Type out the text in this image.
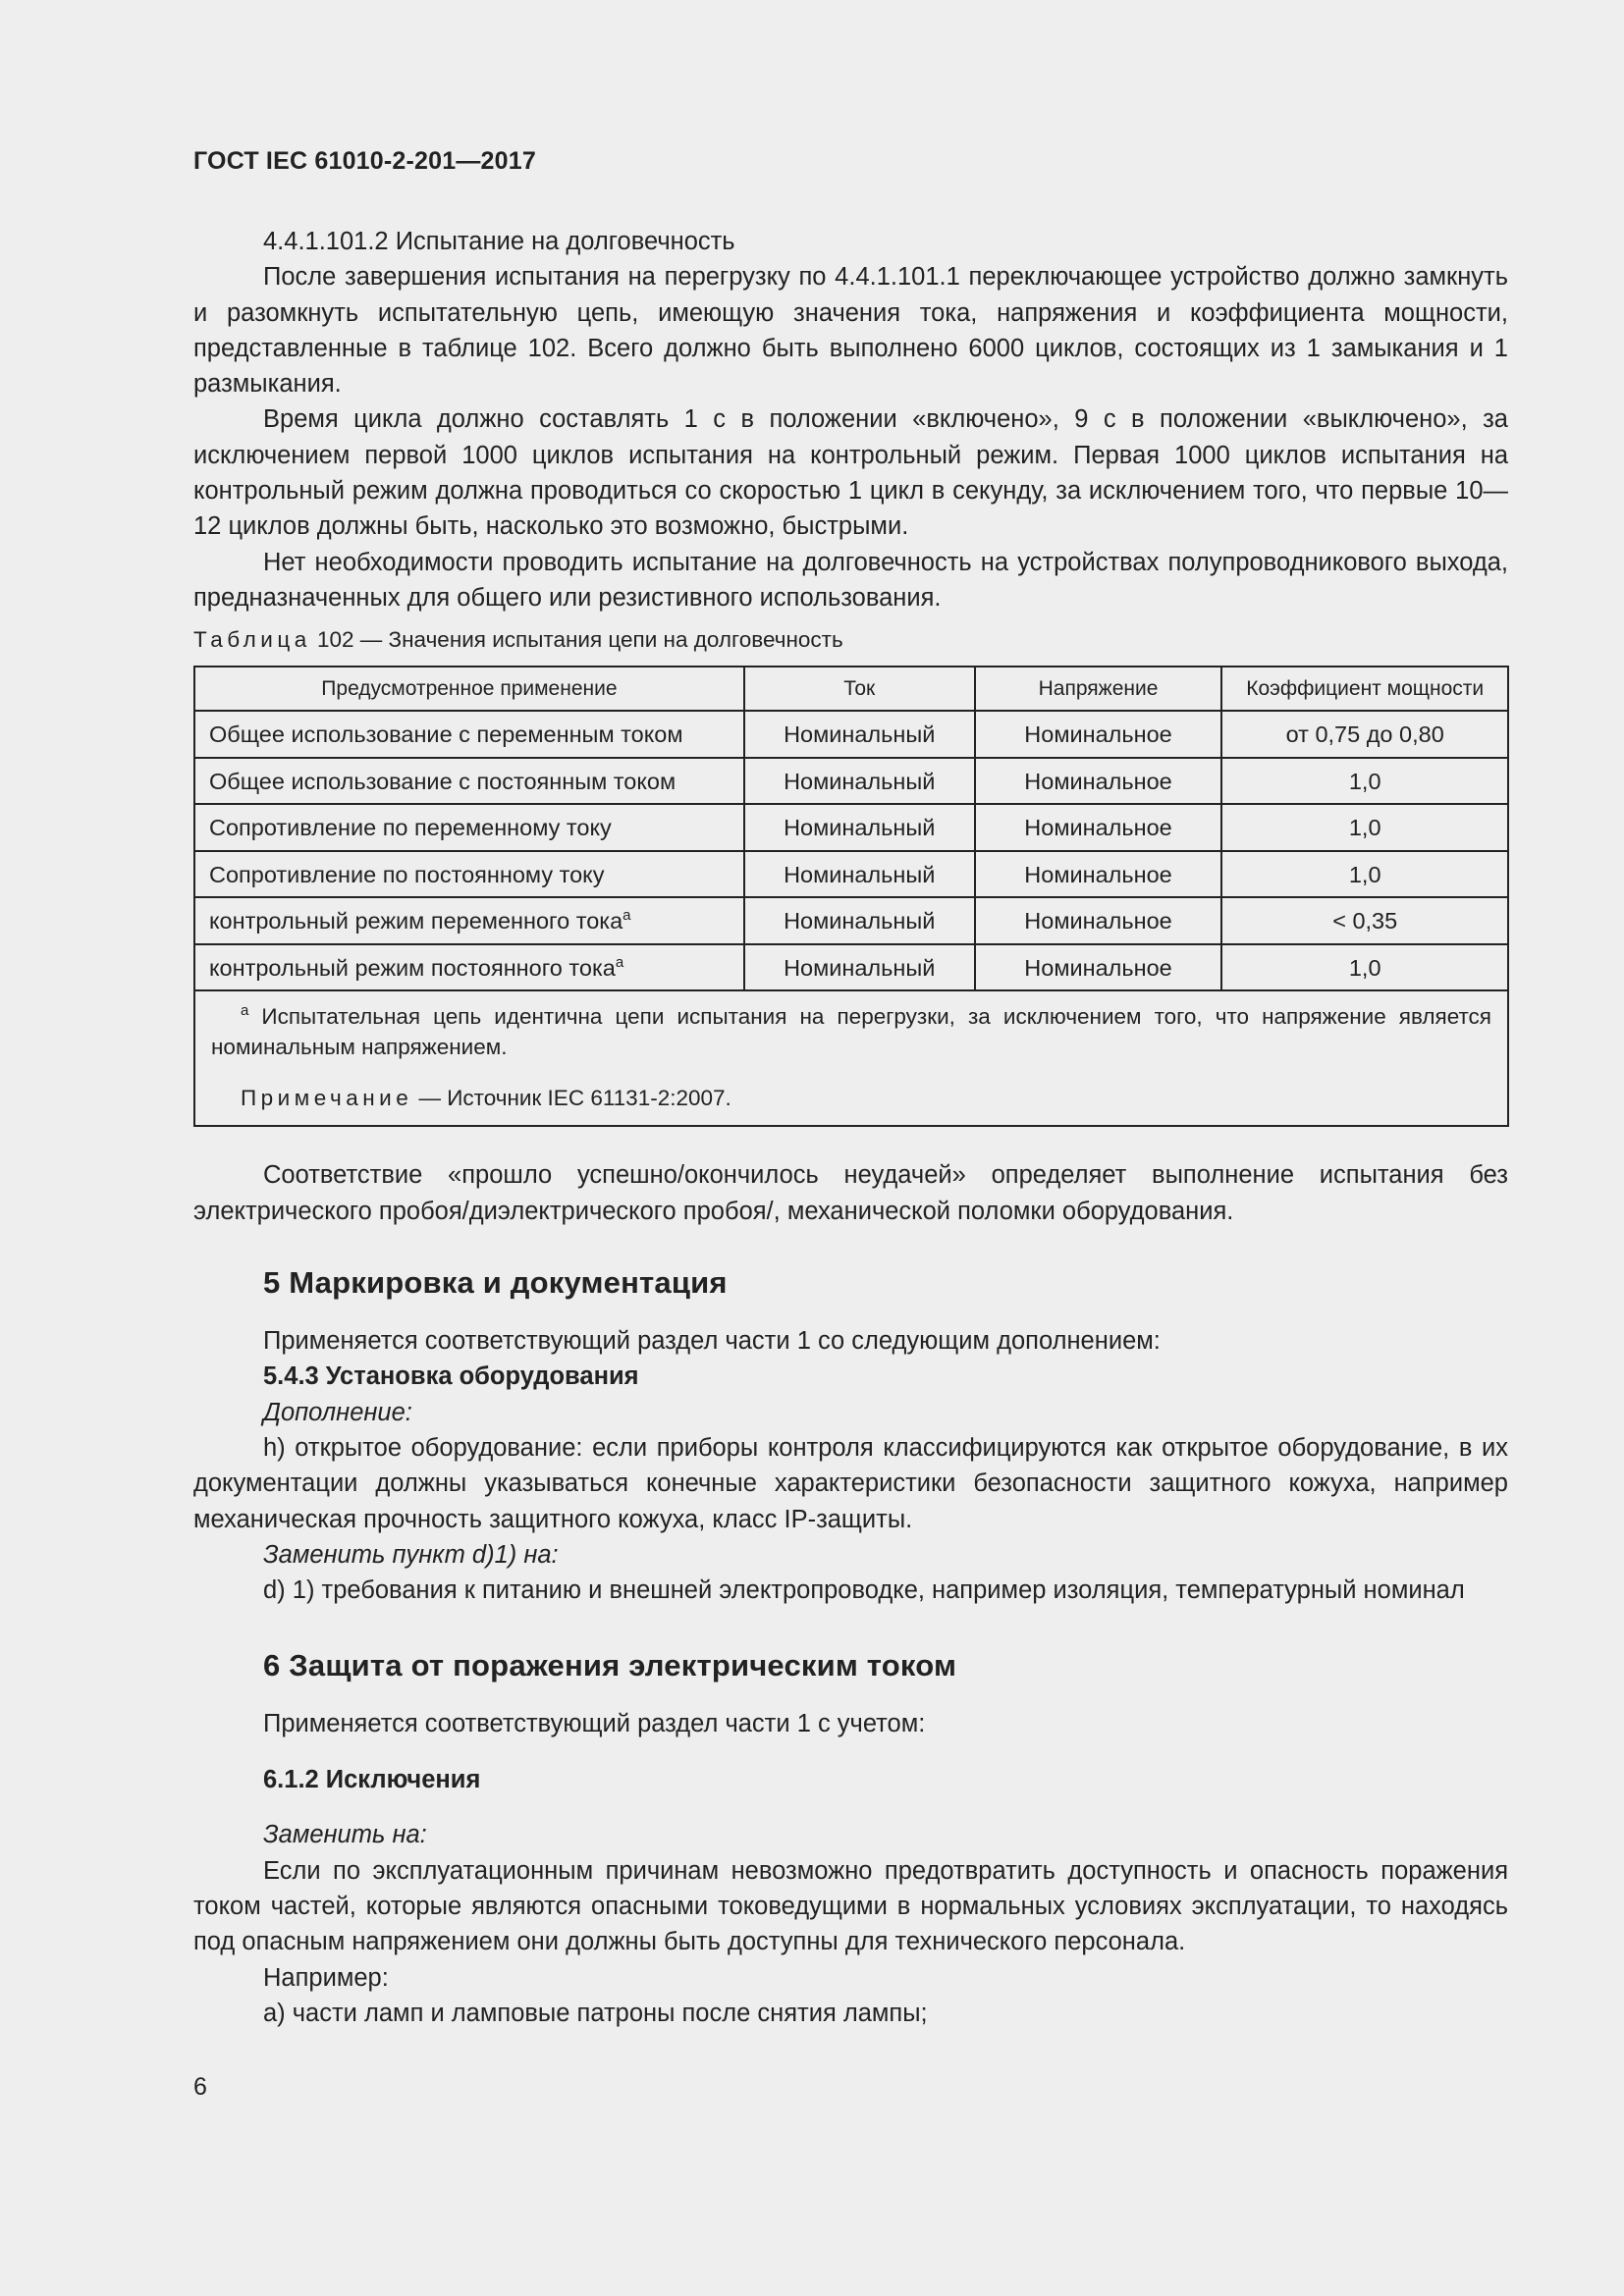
ГОСТ IEC 61010-2-201—2017

4.4.1.101.2 Испытание на долговечность

После завершения испытания на перегрузку по 4.4.1.101.1 переключающее устройство должно замкнуть и разомкнуть испытательную цепь, имеющую значения тока, напряжения и коэффициента мощности, представленные в таблице 102. Всего должно быть выполнено 6000 циклов, состоящих из 1 замыкания и 1 размыкания.

Время цикла должно составлять 1 с в положении «включено», 9 с в положении «выключено», за исключением первой 1000 циклов испытания на контрольный режим. Первая 1000 циклов испытания на контрольный режим должна проводиться со скоростью 1 цикл в секунду, за исключением того, что первые 10—12 циклов должны быть, насколько это возможно, быстрыми.

Нет необходимости проводить испытание на долговечность на устройствах полупроводникового выхода, предназначенных для общего или резистивного использования.

Таблица 102 — Значения испытания цепи на долговечность
Предусмотренное применение	Ток	Напряжение	Коэффициент мощности
Общее использование с переменным током	Номинальный	Номинальное	от 0,75 до 0,80
Общее использование с постоянным током	Номинальный	Номинальное	1,0
Сопротивление по переменному току	Номинальный	Номинальное	1,0
Сопротивление по постоянному току	Номинальный	Номинальное	1,0
контрольный режим переменного тока$^a$	Номинальный	Номинальное	< 0,35
контрольный режим постоянного тока$^a$	Номинальный	Номинальное	1,0

$^a$ Испытательная цепь идентична цепи испытания на перегрузки, за исключением того, что напряжение является номинальным напряжением.
Примечание — Источник IEC 61131-2:2007.			

Соответствие «прошло успешно/окончилось неудачей» определяет выполнение испытания без электрического пробоя/диэлектрического пробоя/, механической поломки оборудования.

5 Маркировка и документация

Применяется соответствующий раздел части 1 со следующим дополнением:

5.4.3 Установка оборудования

Дополнение:

h) открытое оборудование: если приборы контроля классифицируются как открытое оборудование, в их документации должны указываться конечные характеристики безопасности защитного кожуха, например механическая прочность защитного кожуха, класс IP-защиты.

Заменить пункт d)1) на:

d) 1) требования к питанию и внешней электропроводке, например изоляция, температурный номинал

6 Защита от поражения электрическим током

Применяется соответствующий раздел части 1 с учетом:

6.1.2 Исключения

Заменить на:

Если по эксплуатационным причинам невозможно предотвратить доступность и опасность поражения током частей, которые являются опасными токоведущими в нормальных условиях эксплуатации, то находясь под опасным напряжением они должны быть доступны для технического персонала.

Например:

a) части ламп и ламповые патроны после снятия лампы;

6
